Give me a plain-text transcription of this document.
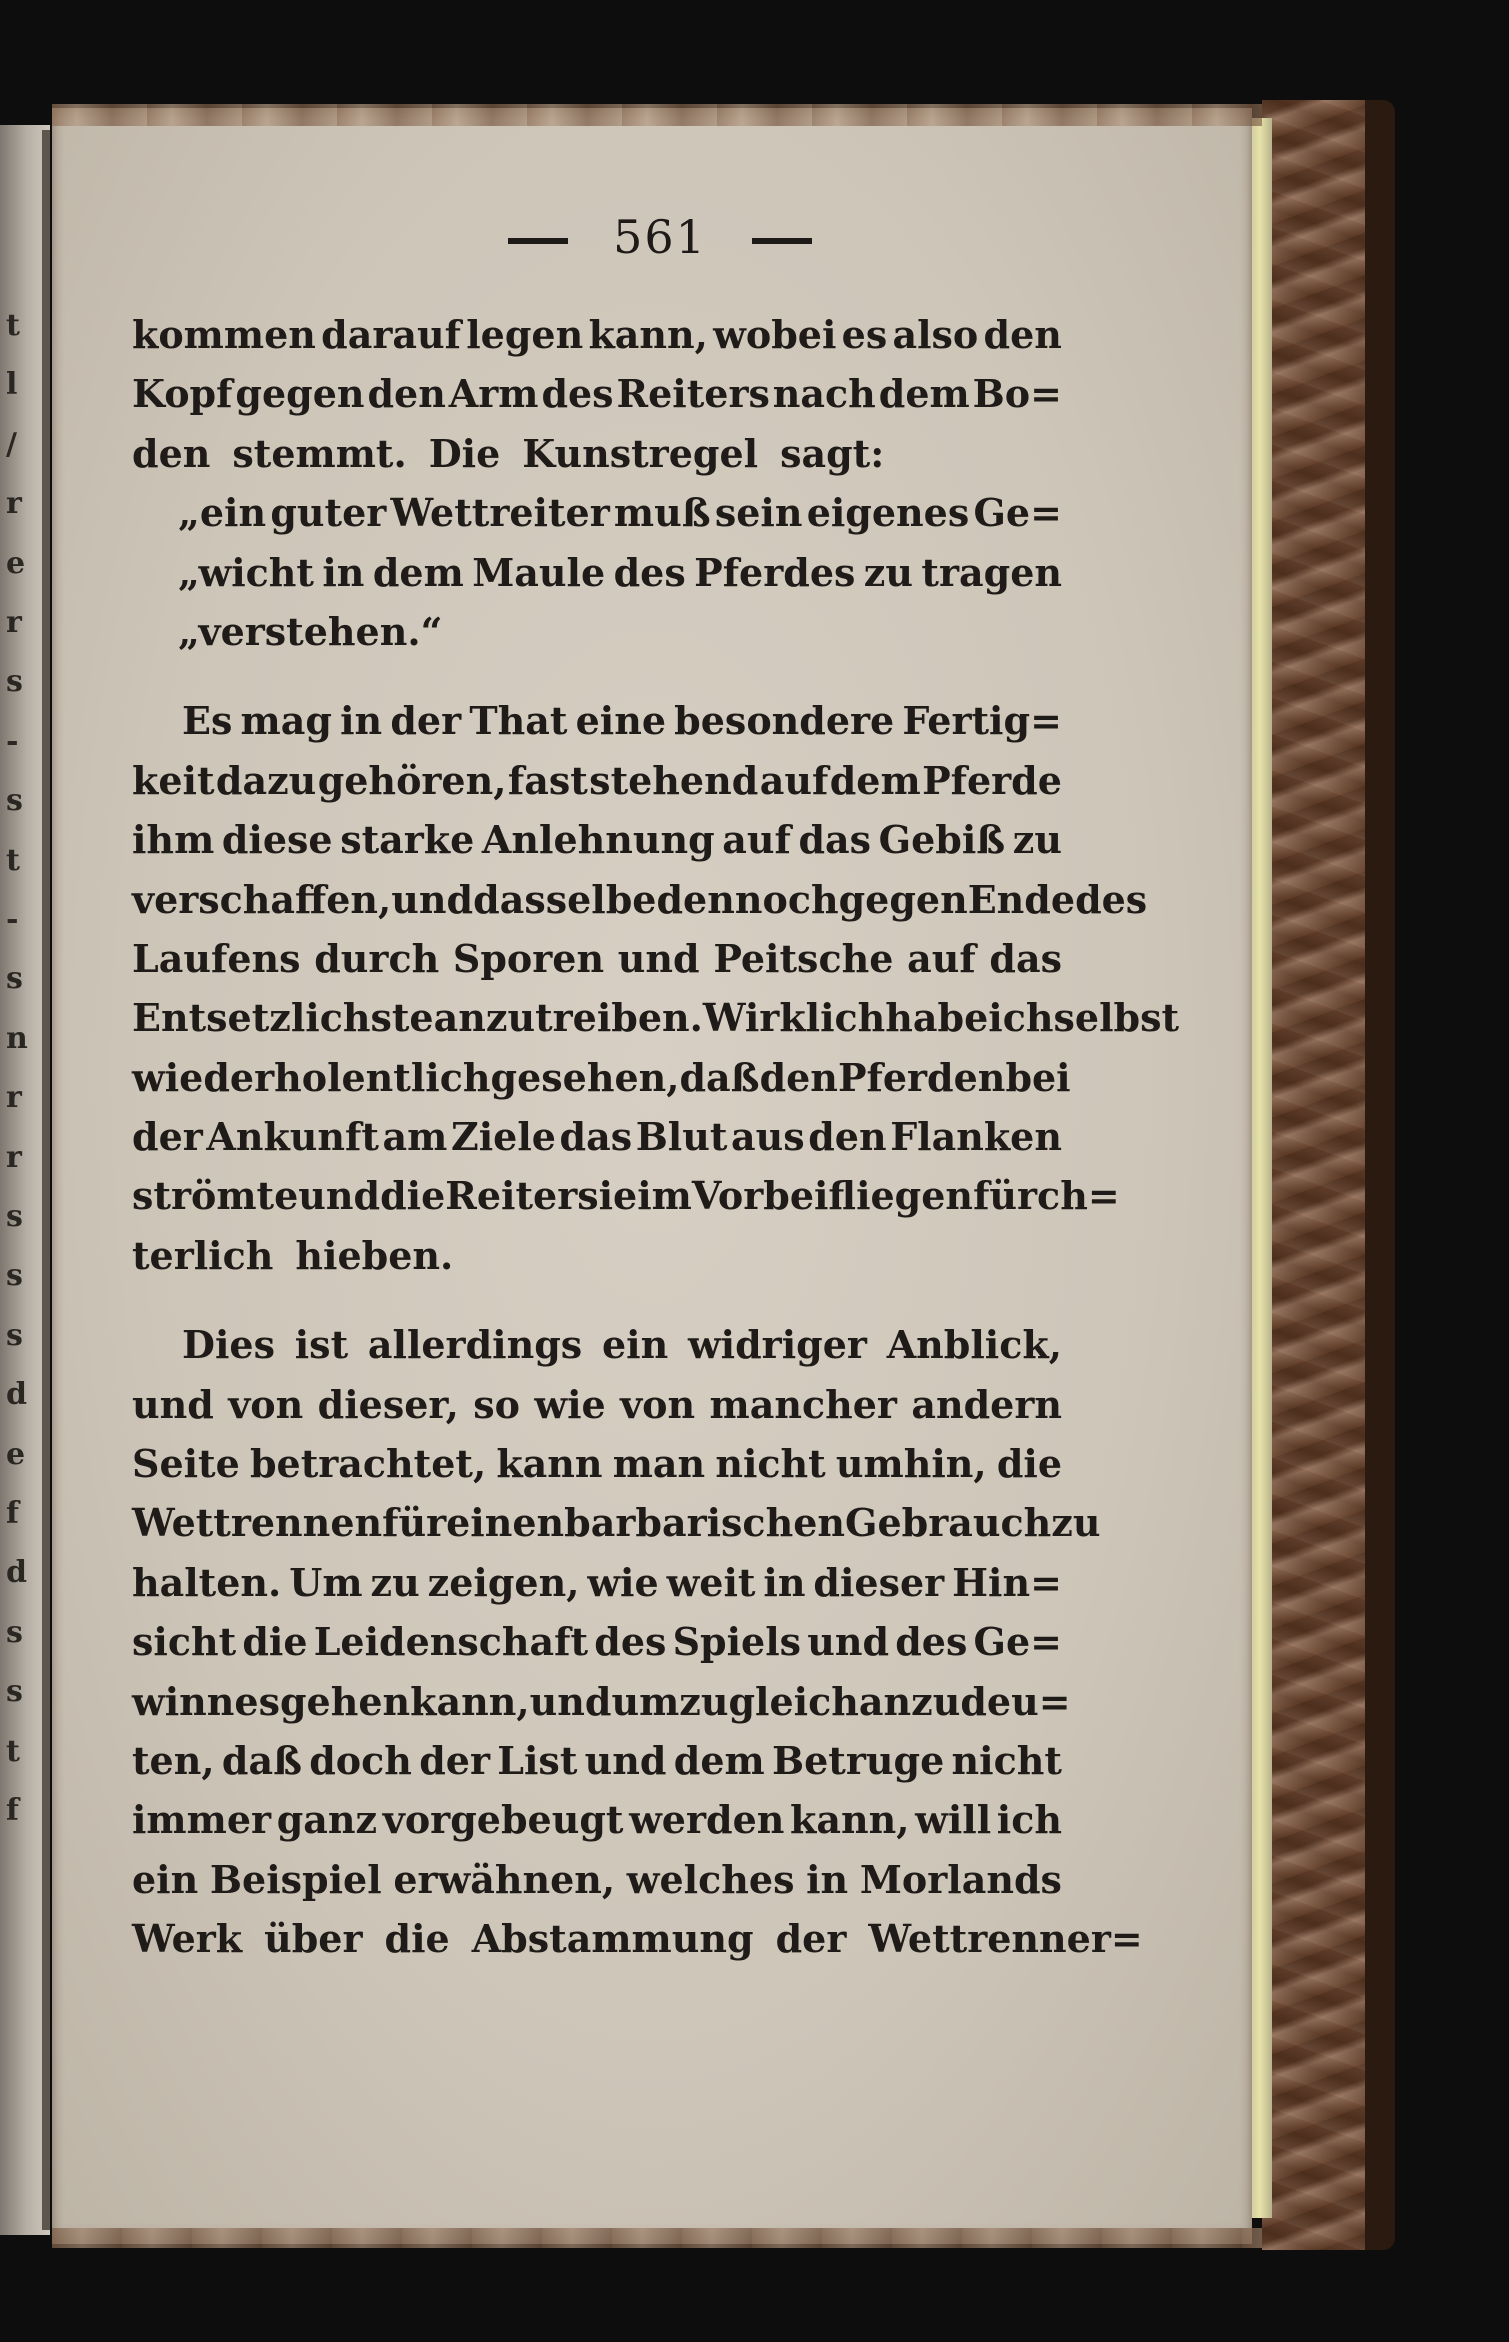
t
l
/
r
e
r
s
-
s
t
-
s
n
r
r
s
s
s
d
e
f
d
s
s
t
f
561
kommen darauf legen kann, wobei es also den
Kopf gegen den Arm des Reiters nach dem Bo=
den stemmt. Die Kunstregel sagt:
„ein guter Wettreiter muß sein eigenes Ge=
„wicht in dem Maule des Pferdes zu tragen
„verstehen.“
Es mag in der That eine besondere Fertig=
keit dazu gehören, fast stehend auf dem Pferde
ihm diese starke Anlehnung auf das Gebiß zu
verschaffen, und dasselbe dennoch gegen Ende des
Laufens durch Sporen und Peitsche auf das
Entsetzlichste anzutreiben. Wirklich habe ich selbst
wiederholentlich gesehen, daß den Pferden bei
der Ankunft am Ziele das Blut aus den Flanken
strömte und die Reiter sie im Vorbeifliegen fürch=
terlich hieben.
Dies ist allerdings ein widriger Anblick,
und von dieser, so wie von mancher andern
Seite betrachtet, kann man nicht umhin, die
Wettrennen für einen barbarischen Gebrauch zu
halten. Um zu zeigen, wie weit in dieser Hin=
sicht die Leidenschaft des Spiels und des Ge=
winnes gehen kann, und um zugleich anzudeu=
ten, daß doch der List und dem Betruge nicht
immer ganz vorgebeugt werden kann, will ich
ein Beispiel erwähnen, welches in Morlands
Werk über die Abstammung der Wettrenner=
